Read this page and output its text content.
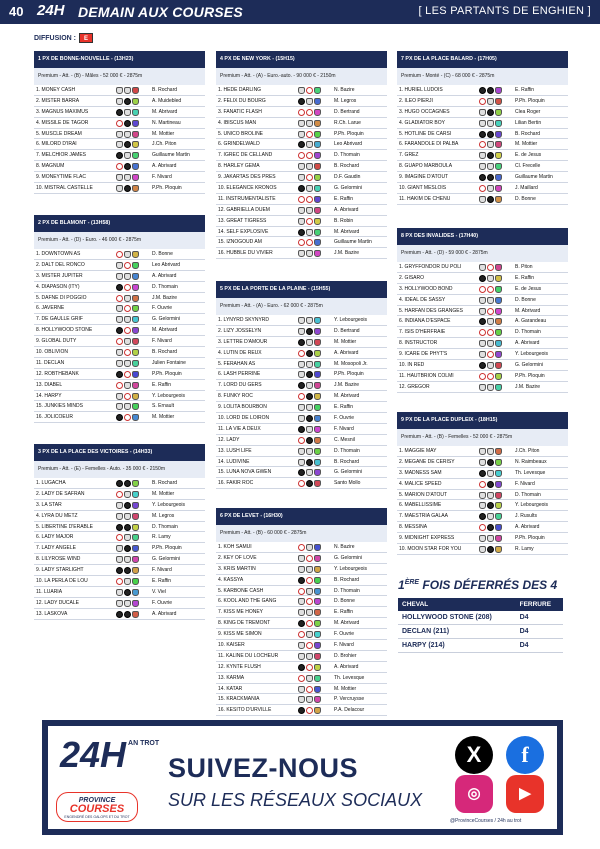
40 24H DEMAIN AUX COURSES	[ LES PARTANTS DE ENGHIEN ]
DIFFUSION : E
1 PX DE BONNE-NOUVELLE - (13H23)
Premium - Att. - (B) - Mâles - 52 000 € - 2875m
1. MONEY CASH	B. Rochard
2. MISTER BARRA	A. Muidebled
3. MAGNUS MAXIMUS	M. Abrivard
4. MISSILE DE TAGOR	N. Martineau
5. MUSCLE DREAM	M. Mottier
6. MILORD D'IRAI	J.Ch. Piton
7. MELCHIOR JAMES	Guillaume Martin
8. MAGNUM	A. Abrivard
9. MONEYTIME FLAC	F. Nivard
10. MISTRAL CASTELLE	P.Ph. Ploquin
2 PX DE BLAMONT - (13H58)
Premium - Att. - (D) - Euro. - 46 000 € - 2875m
1. DOWNTOWN AS	D. Bonne
2. DALT DEL RONCO	Leo Abrivard
3. MISTER JUPITER	A. Abrivard
4. DIAPASON (ITY)	D. Thomain
5. DAFNE DI POGGIO	J.M. Bazire
6. JAVERNE	F. Ouvrie
7. DE GAULLE GRIF	G. Gelormini
8. HOLLYWOOD STONE	M. Abrivard
9. GLOBAL DUTY	F. Nivard
10. OBLIVION	B. Rochard
11. DECLAN	Julien Fontaine
12. ROBTHEBANK	P.Ph. Ploquin
13. DIABEL	E. Raffin
14. HARPY	Y. Lebourgeois
15. JUNKIES MINDS	S. Ernault
16. JOLICOEUR	M. Mottier
3 PX DE LA PLACE DES VICTOIRES - (14H33)
Premium - Att. - (E) - Femelles - Auto. - 35 000 € - 2150m
1. LUGACHA	B. Rochard
2. LADY DE SAFRAN	M. Mottier
3. LA STAR	Y. Lebourgeois
4. LYRA DU METZ	M. Legros
5. LIBERTINE D'ERABLE	D. Thomain
6. LADY MAJOR	R. Lamy
7. LADY ANGELE	P.Ph. Ploquin
8. LILYROSE WIND	G. Gelormini
9. LADY STARLIGHT	F. Nivard
10. LA PERLA DE LOU	E. Raffin
11. LUARIA	V. Viel
12. LADY DUCALE	F. Ouvrie
13. LASKOVA	A. Abrivard
4 PX DE NEW YORK - (15H15)
Premium - Att. - (A) - Euro.-auto. - 90 000 € - 2150m
1. HEDE DARLING	N. Bazire
2. FELIX DU BOURG	M. Legros
3. FANATIC FLASH	D. Bertrand
4. IBISCUS MAN	R.Ch. Larue
5. UNICO BROLINE	P.Ph. Ploquin
6. GRINDELWALD	Leo Abrivard
7. IGREC DE CELLAND	D. Thomain
8. HARLEY GEMA	B. Rochard
9. JAKARTAS DES PRES	D.F. Gaudin
10. ELEGANCE KRONOS	G. Gelormini
11. INSTRUMENTALISTE	E. Raffin
12. GABRIELLA DUEM	A. Abrivard
13. GREAT TIGRESS	B. Robin
14. SELF EXPLOSIVE	M. Abrivard
15. IZNOGOUD AM	Guillaume Martin
16. HUBBLE DU VIVIER	J.M. Bazire
5 PX DE LA PORTE DE LA PLAINE - (15H55)
Premium - Att. - (A) - Euro. - 62 000 € - 2875m
1. LYNYRD SKYNYRD	Y. Lebourgeois
2. LIZY JOSSELYN	D. Bertrand
3. LETTRE D'AMOUR	M. Mottier
4. LUTIN DE REUX	A. Abrivard
5. FERAHAN AS	M. Mosopoli Jr.
6. LASH PERRINE	P.Ph. Ploquin
7. LORD DU GERS	J.M. Bazire
8. FUNKY ROC	M. Abrivard
9. LOLITA BOURBON	E. Raffin
10. LORD DE LOIRON	F. Ouvrie
11. LA VIE A DEUX	F. Nivard
12. LADY	C. Mesnil
13. LUSH LIFE	D. Thomain
14. LUDIVINE	B. Rochard
15. LUNA NOVA GWEN	G. Gelormini
16. FAKIR ROC	Santo Mollo
6 PX DE LEVET - (16H30)
Premium - Att. - (B) - 60 000 € - 2875m
1. KOH SAMUI	N. Bazire
2. KEY OF LOVE	G. Gelormini
3. KRIS MARTIN	Y. Lebourgeois
4. KASSYA	B. Rochard
5. KARBONE CASH	D. Thomain
6. KOOL AND THE GANG	D. Bonne
7. KISS ME HONEY	E. Raffin
8. KING DE TREMONT	M. Abrivard
9. KISS ME SIMON	F. Ouvrie
10. KAISER	F. Nivard
11. KALINE DU LOCHEUR	D. Brohier
12. KYNTE FLUSH	A. Abrivard
13. KARMA	Th. Levesque
14. KATAR	M. Mottier
15. KRACKMANIA	P. Vercruysse
16. KESITO D'URVILLE	P.A. Delacour
7 PX DE LA PLACE BALARD - (17H05)
Premium - Monté - (C) - 68 000 € - 2875m
1. HURIEL LUDOIS	E. Raffin
2. ILEO PIERJI	P.Ph. Ploquin
3. HUGO OCCAGNES	Clea Roger
4. GLADIATOR BOY	Lilian Bertin
5. HOTLINE DE CARSI	B. Rochard
6. FARANDOLE DI PALBA	M. Mottier
7. GREZ	E. de Jesus
8. GUAPO MARBOULA	Cl. Frecelle
9. IMAGINE D'ATOUT	Guillaume Martin
10. GIANT MESLOIS	J. Maillard
11. HAKIM DE CHENU	D. Bonne
8 PX DES INVALIDES - (17H40)
Premium - Att. - (D) - 59 000 € - 2875m
1. GRYFFONDOR DU POLI	B. Piton
2. GISARO	E. Raffin
3. HOLLYWOOD BOND	E. de Jesus
4. IDEAL DE SASSY	D. Bonne
5. HARFAN DES GRANGES	M. Abrivard
6. INDIANA D'ESPACE	A. Garandeau
7. ISIS D'HERFRAIE	D. Thomain
8. INSTRUCTOR	A. Abrivard
9. ICARE DE PHYT'S	Y. Lebourgeois
10. IN RED	G. Gelormini
11. HAUTBRION COLMI	P.Ph. Ploquin
12. GREGOR	J.M. Bazire
9 PX DE LA PLACE DUPLEIX - (18H15)
Premium - Att. - (B) - Femelles - 52 000 € - 2875m
1. MAGGIE MAY	J.Ch. Piton
2. MEGANE DE CERISY	N. Raimbeaux
3. MADNESS SAM	Th. Levesque
4. MALICE SPEED	F. Nivard
5. MARION D'ATOUT	D. Thomain
6. MABELLISSIME	Y. Lebourgeois
7. MAESTRIA GALAA	J. Rusults
8. MESSINA	A. Abrivard
9. MIDNIGHT EXPRESS	P.Ph. Ploquin
10. MOON STAR FOR YOU	R. Lamy
1ÈRE FOIS DÉFERRÉS DES 4
CHEVAL	FERRURE
HOLLYWOOD STONE (208)	D4
DECLAN (211)	D4
HARPY (214)	D4
24H AN TROT
PROVINCE
COURSES
ENGENDRÉ DES GALOPS ET DU TROT
SUIVEZ-NOUS
SUR LES RÉSEAUX SOCIAUX
X	f
◎	▶
@ProvinceCourses / 24h au trot
